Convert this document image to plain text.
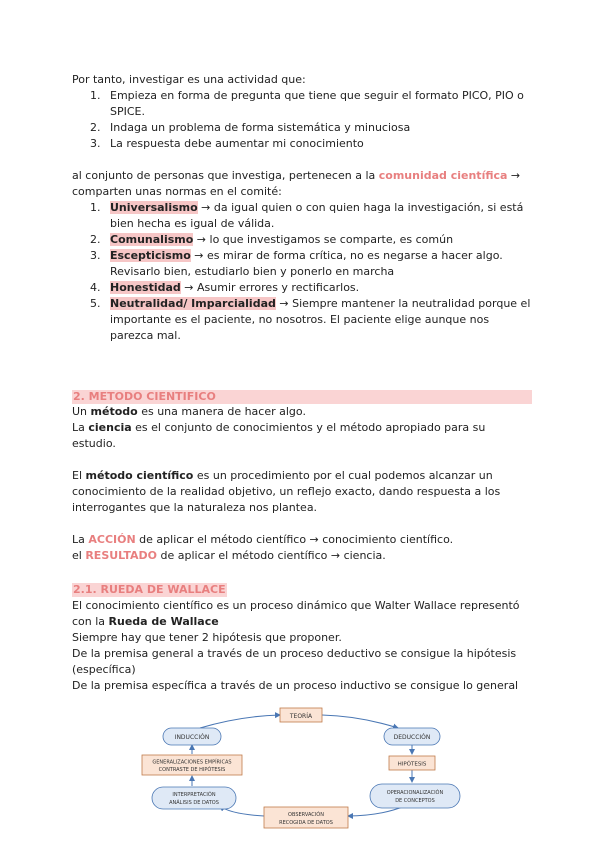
Por tanto, investigar es una actividad que:

1. Empieza en forma de pregunta que tiene que seguir el formato PICO, PIO o SPICE.
2. Indaga un problema de forma sistemática y minuciosa
3. La respuesta debe aumentar mi conocimiento

al conjunto de personas que investiga, pertenecen a la comunidad científica → comparten unas normas en el comité:

1. Universalismo → da igual quien o con quien haga la investigación, si está bien hecha es igual de válida.
2. Comunalismo → lo que investigamos se comparte, es común
3. Escepticismo → es mirar de forma crítica, no es negarse a hacer algo. Revisarlo bien, estudiarlo bien y ponerlo en marcha
4. Honestidad → Asumir errores y rectificarlos.
5. Neutralidad/ Imparcialidad → Siempre mantener la neutralidad porque el importante es el paciente, no nosotros. El paciente elige aunque nos parezca mal.
2. METODO CIENTIFICO

Un método es una manera de hacer algo.

La ciencia es el conjunto de conocimientos y el método apropiado para su estudio.

El método científico es un procedimiento por el cual podemos alcanzar un conocimiento de la realidad objetivo, un reflejo exacto, dando respuesta a los interrogantes que la naturaleza nos plantea.

La ACCIÓN de aplicar el método científico → conocimiento científico.

el RESULTADO de aplicar el método científico → ciencia.

2.1. RUEDA DE WALLACE

El conocimiento científico es un proceso dinámico que Walter Wallace representó con la Rueda de Wallace

Siempre hay que tener 2 hipótesis que proponer.

De la premisa general a través de un proceso deductivo se consigue la hipótesis (específica)

De la premisa específica a través de un proceso inductivo se consigue lo general

TEORÍA
INDUCCIÓN	DEDUCCIÓN
GENERALIZACIONES EMPÍRICAS
CONTRASTE DE HIPÓTESIS
HIPÓTESIS
INTERPRETACIÓN
ANÁLISIS DE DATOS
OPERACIONALIZACIÓN
DE CONCEPTOS
OBSERVACIÓN
RECOGIDA DE DATOS
